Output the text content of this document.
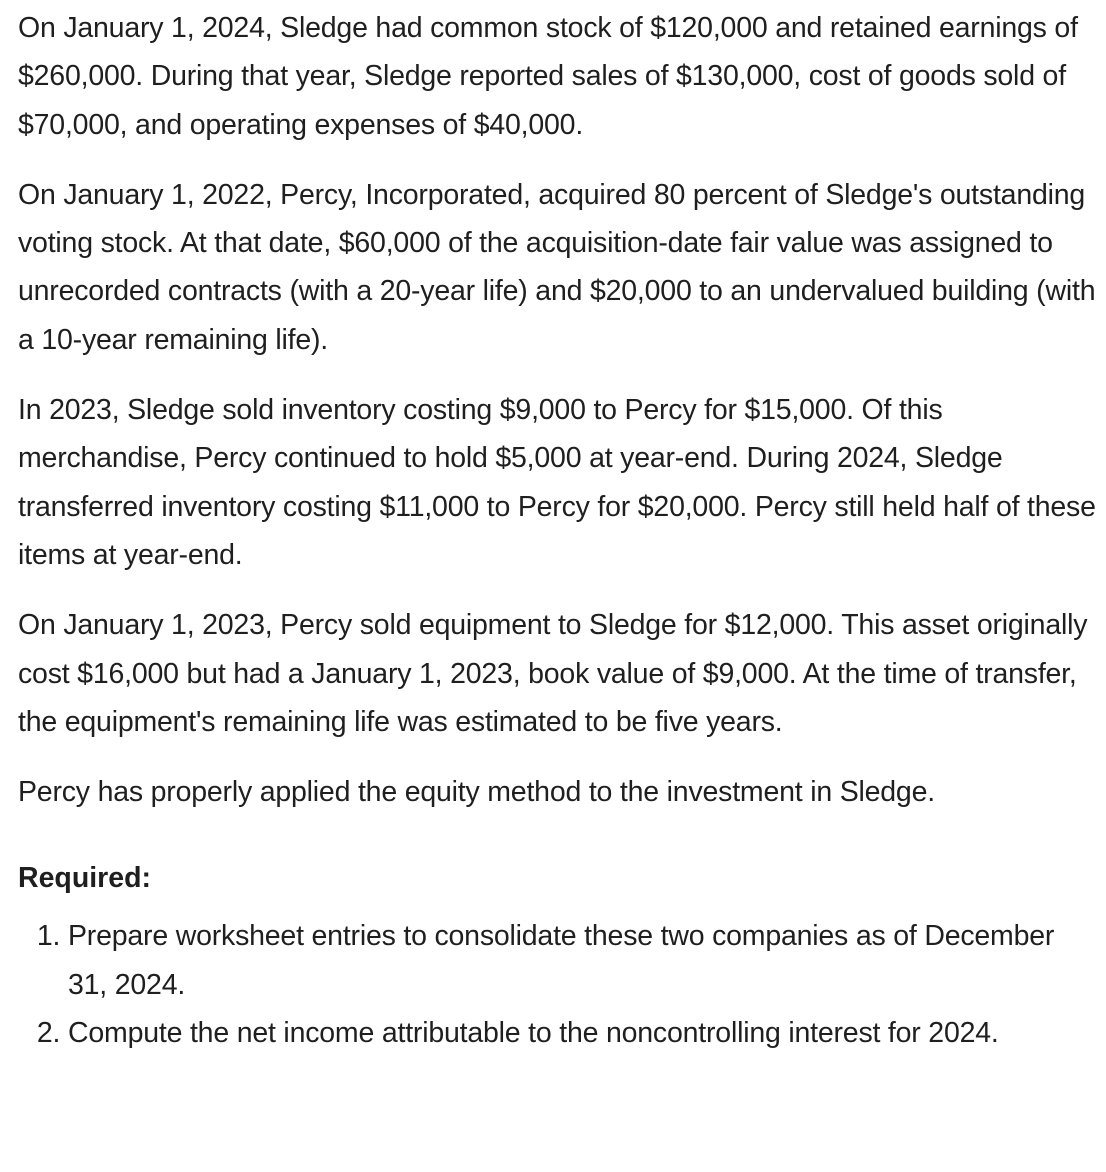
On January 1, 2024, Sledge had common stock of $120,000 and retained earnings of $260,000. During that year, Sledge reported sales of $130,000, cost of goods sold of $70,000, and operating expenses of $40,000.

On January 1, 2022, Percy, Incorporated, acquired 80 percent of Sledge's outstanding voting stock. At that date, $60,000 of the acquisition-date fair value was assigned to unrecorded contracts (with a 20-year life) and $20,000 to an undervalued building (with a 10-year remaining life).

In 2023, Sledge sold inventory costing $9,000 to Percy for $15,000. Of this merchandise, Percy continued to hold $5,000 at year-end. During 2024, Sledge transferred inventory costing $11,000 to Percy for $20,000. Percy still held half of these items at year-end.

On January 1, 2023, Percy sold equipment to Sledge for $12,000. This asset originally cost $16,000 but had a January 1, 2023, book value of $9,000. At the time of transfer, the equipment's remaining life was estimated to be five years.

Percy has properly applied the equity method to the investment in Sledge.

Required:
1. Prepare worksheet entries to consolidate these two companies as of December 31, 2024.
2. Compute the net income attributable to the noncontrolling interest for 2024.
